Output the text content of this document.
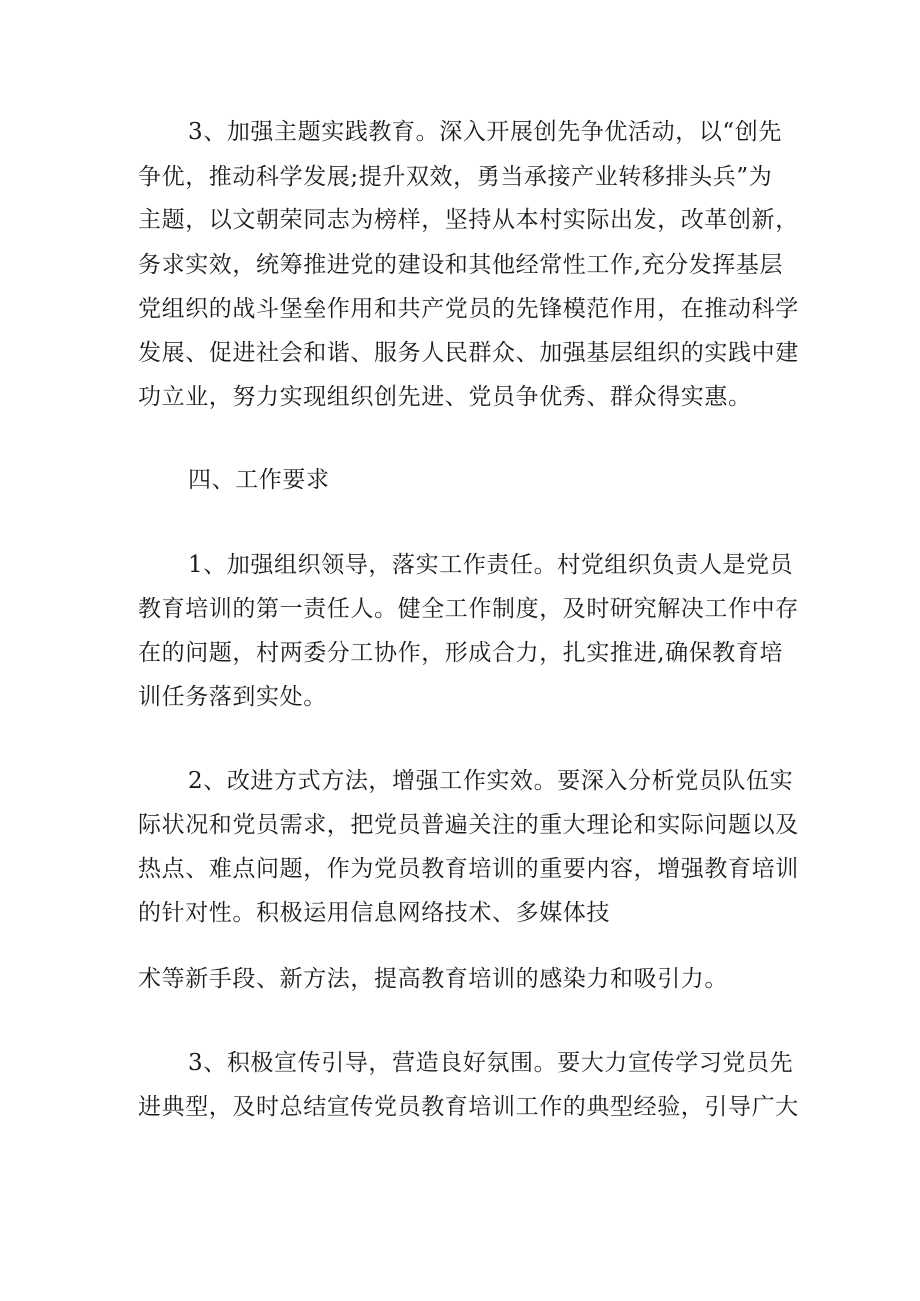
3、加强主题实践教育。深入开展创先争优活动，以“创先
争优，推动科学发展;提升双效，勇当承接产业转移排头兵”为
主题，以文朝荣同志为榜样，坚持从本村实际出发，改革创新，
务求实效，统筹推进党的建设和其他经常性工作,充分发挥基层
党组织的战斗堡垒作用和共产党员的先锋模范作用，在推动科学
发展、促进社会和谐、服务人民群众、加强基层组织的实践中建
功立业，努力实现组织创先进、党员争优秀、群众得实惠。
四、工作要求
1、加强组织领导，落实工作责任。村党组织负责人是党员
教育培训的第一责任人。健全工作制度，及时研究解决工作中存
在的问题，村两委分工协作，形成合力，扎实推进,确保教育培
训任务落到实处。
2、改进方式方法，增强工作实效。要深入分析党员队伍实
际状况和党员需求，把党员普遍关注的重大理论和实际问题以及
热点、难点问题，作为党员教育培训的重要内容，增强教育培训
的针对性。积极运用信息网络技术、多媒体技
术等新手段、新方法，提高教育培训的感染力和吸引力。
3、积极宣传引导，营造良好氛围。要大力宣传学习党员先
进典型，及时总结宣传党员教育培训工作的典型经验，引导广大
